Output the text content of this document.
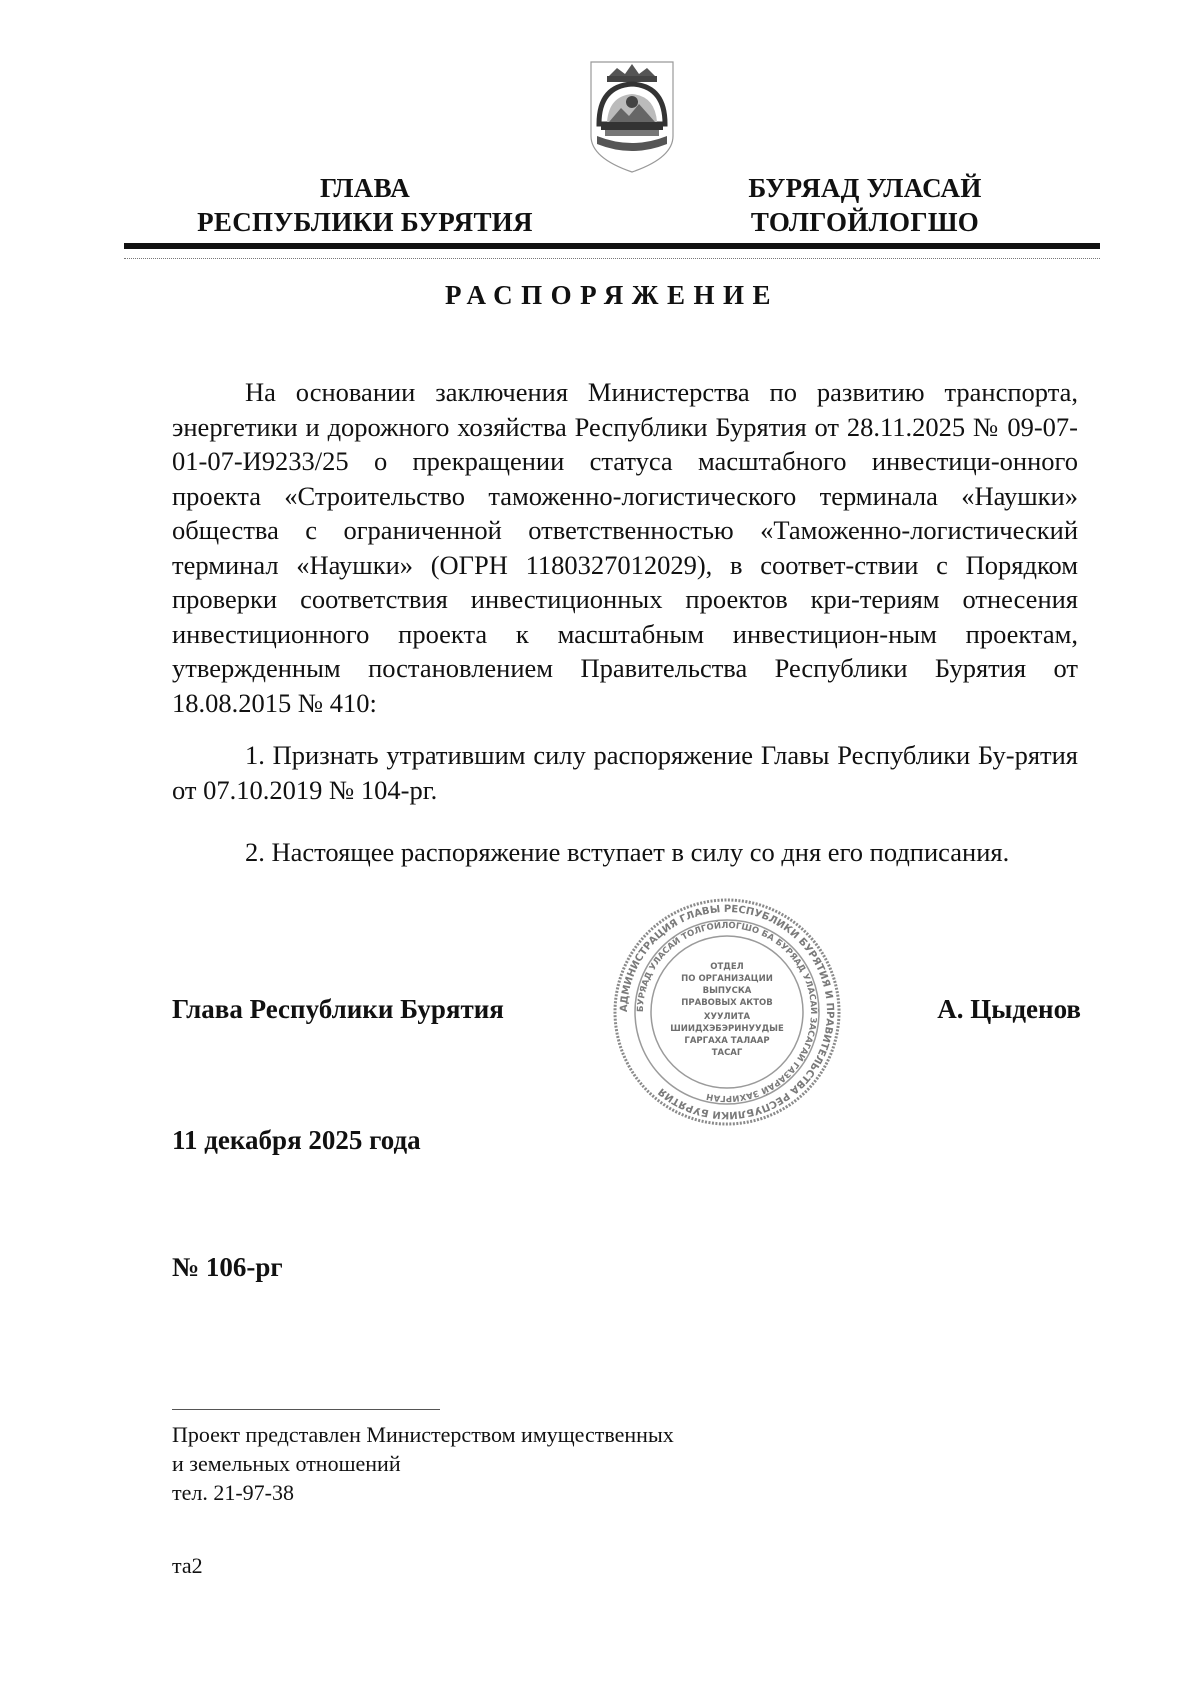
ГЛАВА
РЕСПУБЛИКИ БУРЯТИЯ
БУРЯАД УЛАСАЙ
ТОЛГОЙЛОГШО
РАСПОРЯЖЕНИЕ

На основании заключения Министерства по развитию транспорта, энергетики и дорожного хозяйства Республики Бурятия от 28.11.2025 № 09-07-01-07-И9233/25 о прекращении статуса масштабного инвестици-онного проекта «Строительство таможенно-логистического терминала «Наушки» общества с ограниченной ответственностью «Таможенно-логистический терминал «Наушки» (ОГРН 1180327012029), в соответ-ствии с Порядком проверки соответствия инвестиционных проектов кри-териям отнесения инвестиционного проекта к масштабным инвестицион-ным проектам, утвержденным постановлением Правительства Республики Бурятия от 18.08.2015 № 410:

1. Признать утратившим силу распоряжение Главы Республики Бу-рятия от 07.10.2019 № 104-рг.

2. Настоящее распоряжение вступает в силу со дня его подписания.

АДМИНИСТРАЦИЯ ГЛАВЫ РЕСПУБЛИКИ БУРЯТИЯ И ПРАВИТЕЛЬСТВА РЕСПУБЛИКИ БУРЯТИЯ
БУРЯАД УЛАСАЙ ТОЛГОЙЛОГШО БА БУРЯАД УЛАСАЙ ЗАСАГАЙ ГАЗАРАЙ ЗАХИРГАН
ОТДЕЛ
ПО ОРГАНИЗАЦИИ
ВЫПУСКА
ПРАВОВЫХ АКТОВ
ХУУЛИТА
ШИИДХЭБЭРИНУУДЫЕ
ГАРГАХА ТАЛААР
ТАСАГ
Глава Республики Бурятия	А. Цыденов
11 декабря 2025 года
№ 106-рг
Проект представлен Министерством имущественных
и земельных отношений
тел. 21-97-38
та2
